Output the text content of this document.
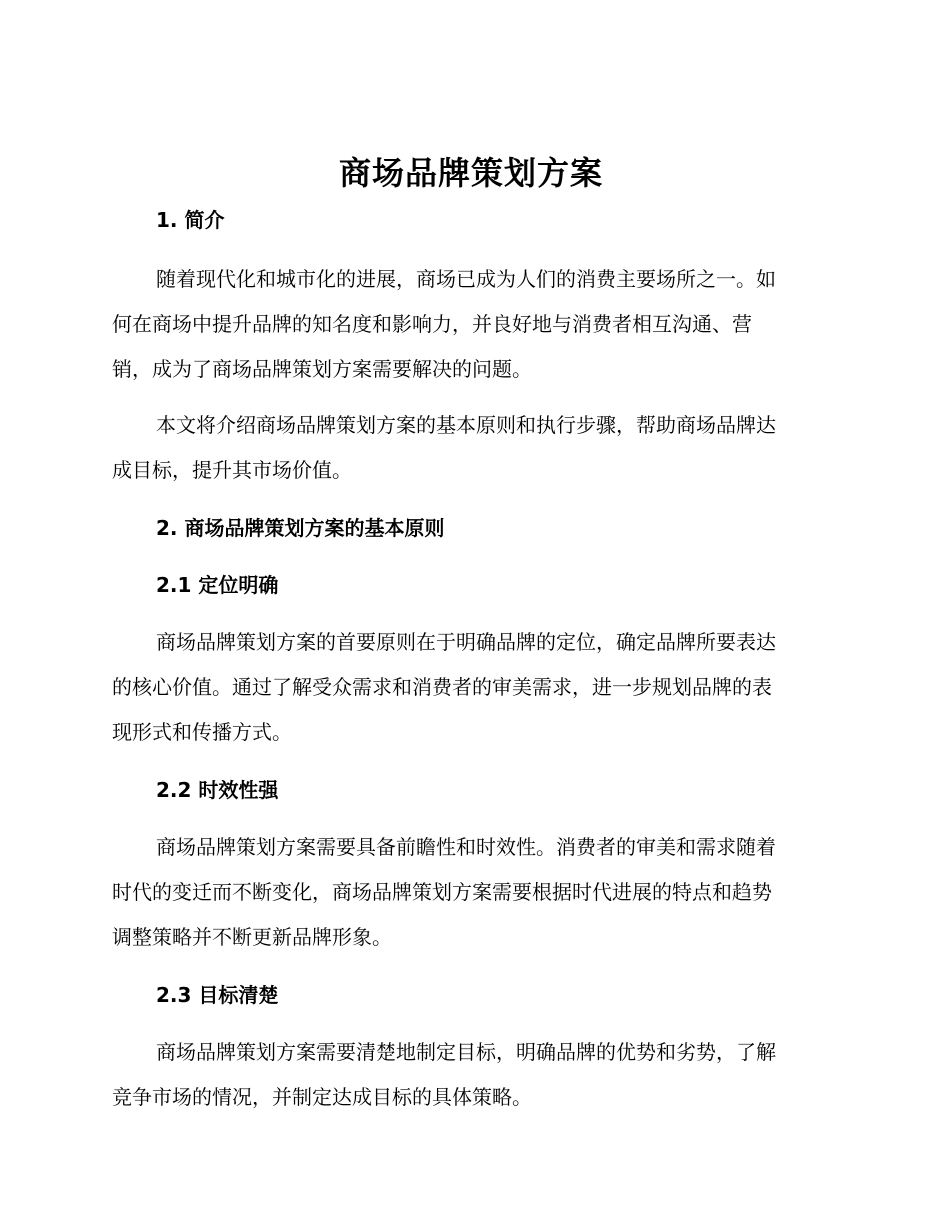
商场品牌策划方案
1. 简介
随着现代化和城市化的进展，商场已成为人们的消费主要场所之一。如
何在商场中提升品牌的知名度和影响力，并良好地与消费者相互沟通、营
销，成为了商场品牌策划方案需要解决的问题。
本文将介绍商场品牌策划方案的基本原则和执行步骤，帮助商场品牌达
成目标，提升其市场价值。
2. 商场品牌策划方案的基本原则
2.1 定位明确
商场品牌策划方案的首要原则在于明确品牌的定位，确定品牌所要表达
的核心价值。通过了解受众需求和消费者的审美需求，进一步规划品牌的表
现形式和传播方式。
2.2 时效性强
商场品牌策划方案需要具备前瞻性和时效性。消费者的审美和需求随着
时代的变迁而不断变化，商场品牌策划方案需要根据时代进展的特点和趋势
调整策略并不断更新品牌形象。
2.3 目标清楚
商场品牌策划方案需要清楚地制定目标，明确品牌的优势和劣势，了解
竞争市场的情况，并制定达成目标的具体策略。
